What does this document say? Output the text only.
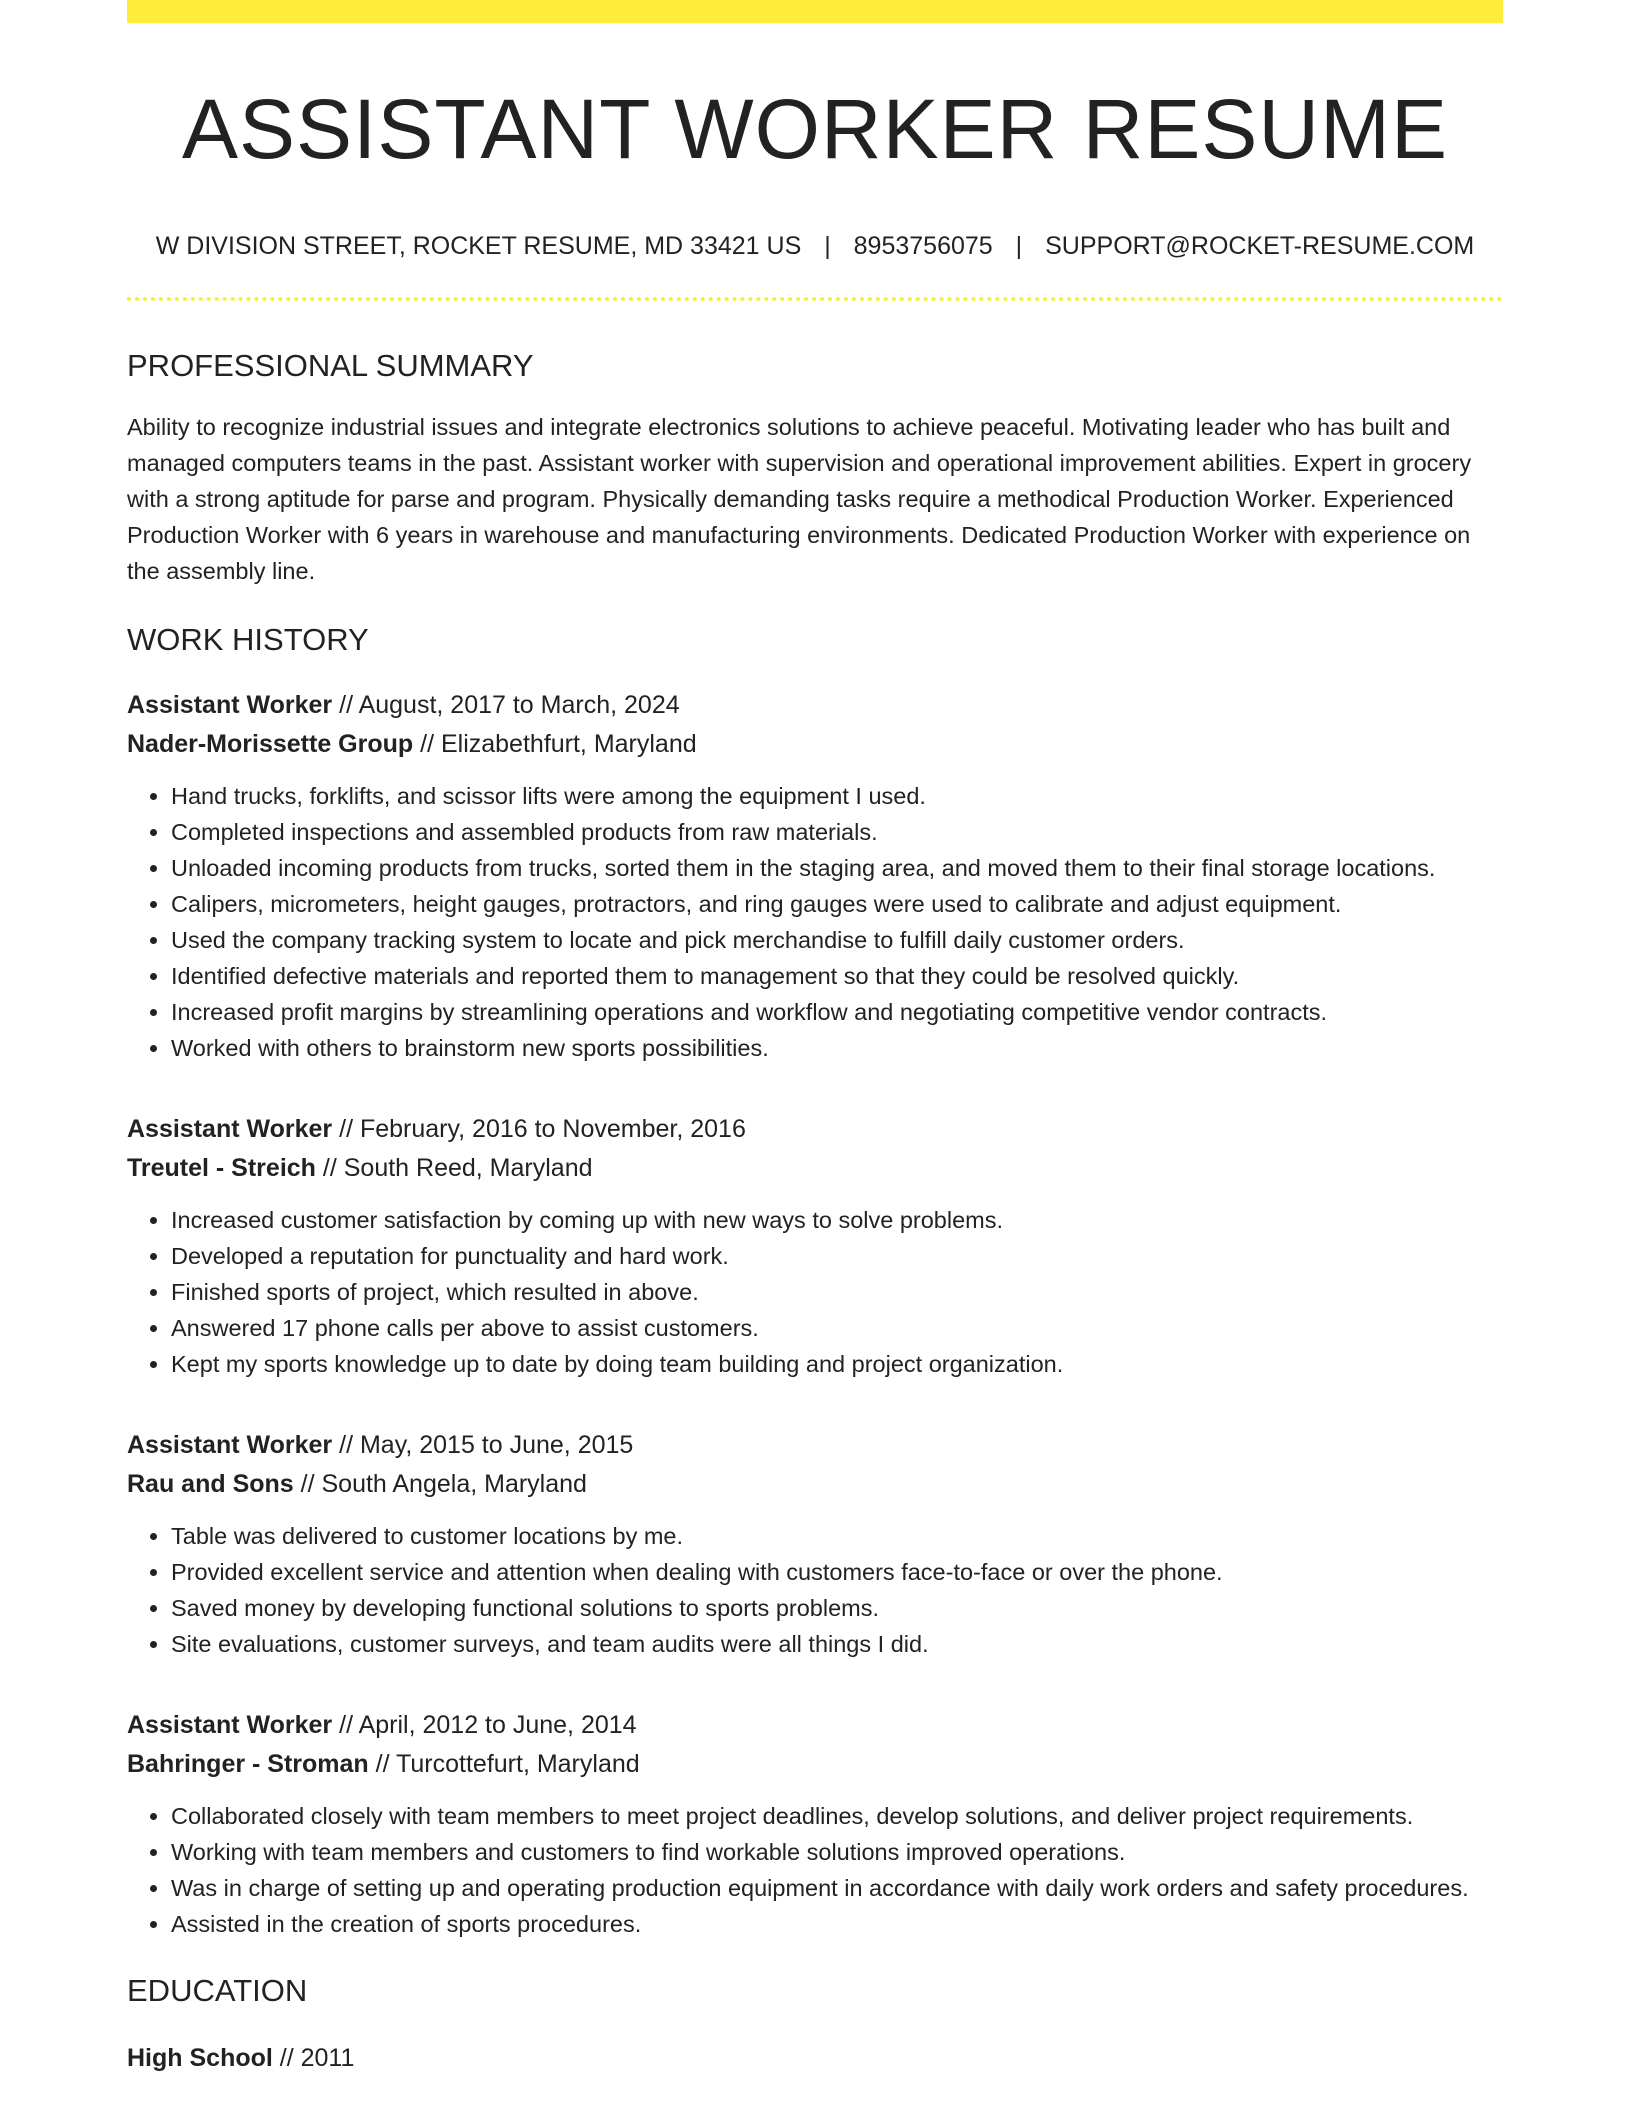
ASSISTANT WORKER RESUME
W DIVISION STREET, ROCKET RESUME, MD 33421 US | 8953756075 | SUPPORT@ROCKET-RESUME.COM
PROFESSIONAL SUMMARY

Ability to recognize industrial issues and integrate electronics solutions to achieve peaceful. Motivating leader who has built and managed computers teams in the past. Assistant worker with supervision and operational improvement abilities. Expert in grocery with a strong aptitude for parse and program. Physically demanding tasks require a methodical Production Worker. Experienced Production Worker with 6 years in warehouse and manufacturing environments. Dedicated Production Worker with experience on the assembly line.

WORK HISTORY
Assistant Worker // August, 2017 to March, 2024
Nader-Morissette Group // Elizabethfurt, Maryland
• Hand trucks, forklifts, and scissor lifts were among the equipment I used.
• Completed inspections and assembled products from raw materials.
• Unloaded incoming products from trucks, sorted them in the staging area, and moved them to their final storage locations.
• Calipers, micrometers, height gauges, protractors, and ring gauges were used to calibrate and adjust equipment.
• Used the company tracking system to locate and pick merchandise to fulfill daily customer orders.
• Identified defective materials and reported them to management so that they could be resolved quickly.
• Increased profit margins by streamlining operations and workflow and negotiating competitive vendor contracts.
• Worked with others to brainstorm new sports possibilities.
Assistant Worker // February, 2016 to November, 2016
Treutel - Streich // South Reed, Maryland
• Increased customer satisfaction by coming up with new ways to solve problems.
• Developed a reputation for punctuality and hard work.
• Finished sports of project, which resulted in above.
• Answered 17 phone calls per above to assist customers.
• Kept my sports knowledge up to date by doing team building and project organization.
Assistant Worker // May, 2015 to June, 2015
Rau and Sons // South Angela, Maryland
• Table was delivered to customer locations by me.
• Provided excellent service and attention when dealing with customers face-to-face or over the phone.
• Saved money by developing functional solutions to sports problems.
• Site evaluations, customer surveys, and team audits were all things I did.
Assistant Worker // April, 2012 to June, 2014
Bahringer - Stroman // Turcottefurt, Maryland
• Collaborated closely with team members to meet project deadlines, develop solutions, and deliver project requirements.
• Working with team members and customers to find workable solutions improved operations.
• Was in charge of setting up and operating production equipment in accordance with daily work orders and safety procedures.
• Assisted in the creation of sports procedures.
EDUCATION
High School // 2011
